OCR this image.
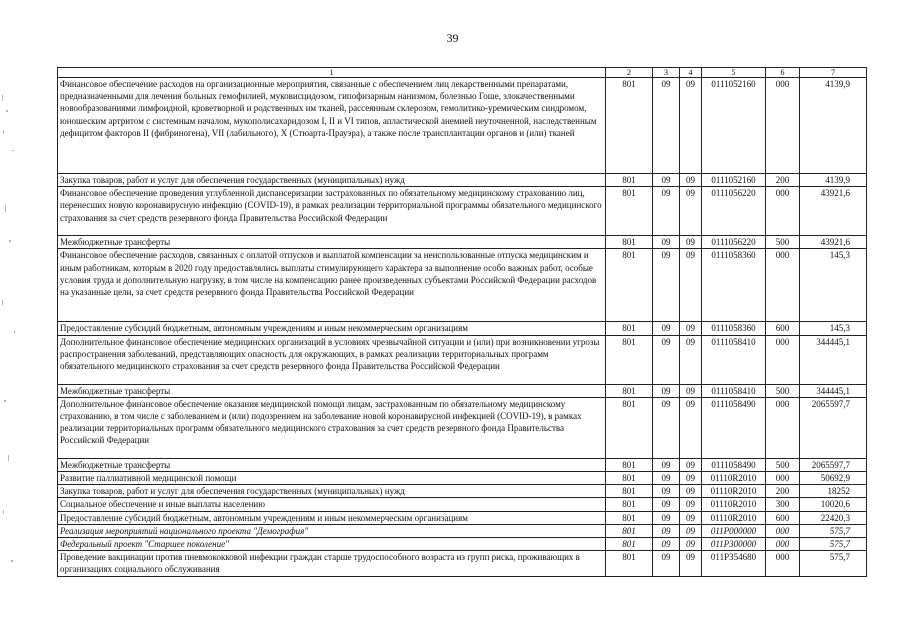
39
1	2	3	4	5	6	7
Финансовое обеспечение расходов на организационные мероприятия, связанные с обеспечением лиц лекарственными препаратами, предназначенными для лечения больных гемофилией, муковисцидозом, гипофизарным нанизмом, болезнью Гоше, злокачественными новообразованиями лимфоидной, кроветворной и родственных им тканей, рассеянным склерозом, гемолитико-уремическим синдромом, юношеским артритом с системным началом, мукополисахаридозом I, II и VI типов, апластической анемией неуточненной, наследственным дефицитом факторов II (фибриногена), VII (лабильного), X (Стюарта-Прауэра), а также после трансплантации органов и (или) тканей	801	09	09	0111052160	000	4139,9
Закупка товаров, работ и услуг для обеспечения государственных (муниципальных) нужд	801	09	09	0111052160	200	4139,9
Финансовое обеспечение проведения углубленной диспансеризации застрахованных по обязательному медицинскому страхованию лиц, перенесших новую коронавирусную инфекцию (COVID-19), в рамках реализации территориальной программы обязательного медицинского страхования за счет средств резервного фонда Правительства Российской Федерации	801	09	09	0111056220	000	43921,6
Межбюджетные трансферты	801	09	09	0111056220	500	43921,6
Финансовое обеспечение расходов, связанных с оплатой отпусков и выплатой компенсации за неиспользованные отпуска медицинским и иным работникам, которым в 2020 году предоставлялись выплаты стимулирующего характера за выполнение особо важных работ, особые условия труда и дополнительную нагрузку, в том числе на компенсацию ранее произведенных субъектами Российской Федерации расходов на указанные цели, за счет средств резервного фонда Правительства Российской Федерации	801	09	09	0111058360	000	145,3
Предоставление субсидий бюджетным, автономным учреждениям и иным некоммерческим организациям	801	09	09	0111058360	600	145,3
Дополнительное финансовое обеспечение медицинских организаций в условиях чрезвычайной ситуации и (или) при возникновении угрозы распространения заболеваний, представляющих опасность для окружающих, в рамках реализации территориальных программ обязательного медицинского страхования за счет средств резервного фонда Правительства Российской Федерации	801	09	09	0111058410	000	344445,1
Межбюджетные трансферты	801	09	09	0111058410	500	344445,1
Дополнительное финансовое обеспечение оказания медицинской помощи лицам, застрахованным по обязательному медицинскому страхованию, в том числе с заболеванием и (или) подозрением на заболевание новой коронавирусной инфекцией (COVID-19), в рамках реализации территориальных программ обязательного медицинского страхования за счет средств резервного фонда Правительства Российской Федерации	801	09	09	0111058490	000	2065597,7
Межбюджетные трансферты	801	09	09	0111058490	500	2065597,7
Развитие паллиативной медицинской помощи	801	09	09	01110R2010	000	50692,9
Закупка товаров, работ и услуг для обеспечения государственных (муниципальных) нужд	801	09	09	01110R2010	200	18252
Социальное обеспечение и иные выплаты населению	801	09	09	01110R2010	300	10020,6
Предоставление субсидий бюджетным, автономным учреждениям и иным некоммерческим организациям	801	09	09	01110R2010	600	22420,3
Реализация мероприятий национального проекта "Демография"	801	09	09	011P000000	000	575,7
Федеральный проект "Старшее поколение"	801	09	09	011P300000	000	575,7
Проведение вакцинации против пневмококковой инфекции граждан старше трудоспособного возраста из групп риска, проживающих в организациях социального обслуживания	801	09	09	011P354680	000	575,7
